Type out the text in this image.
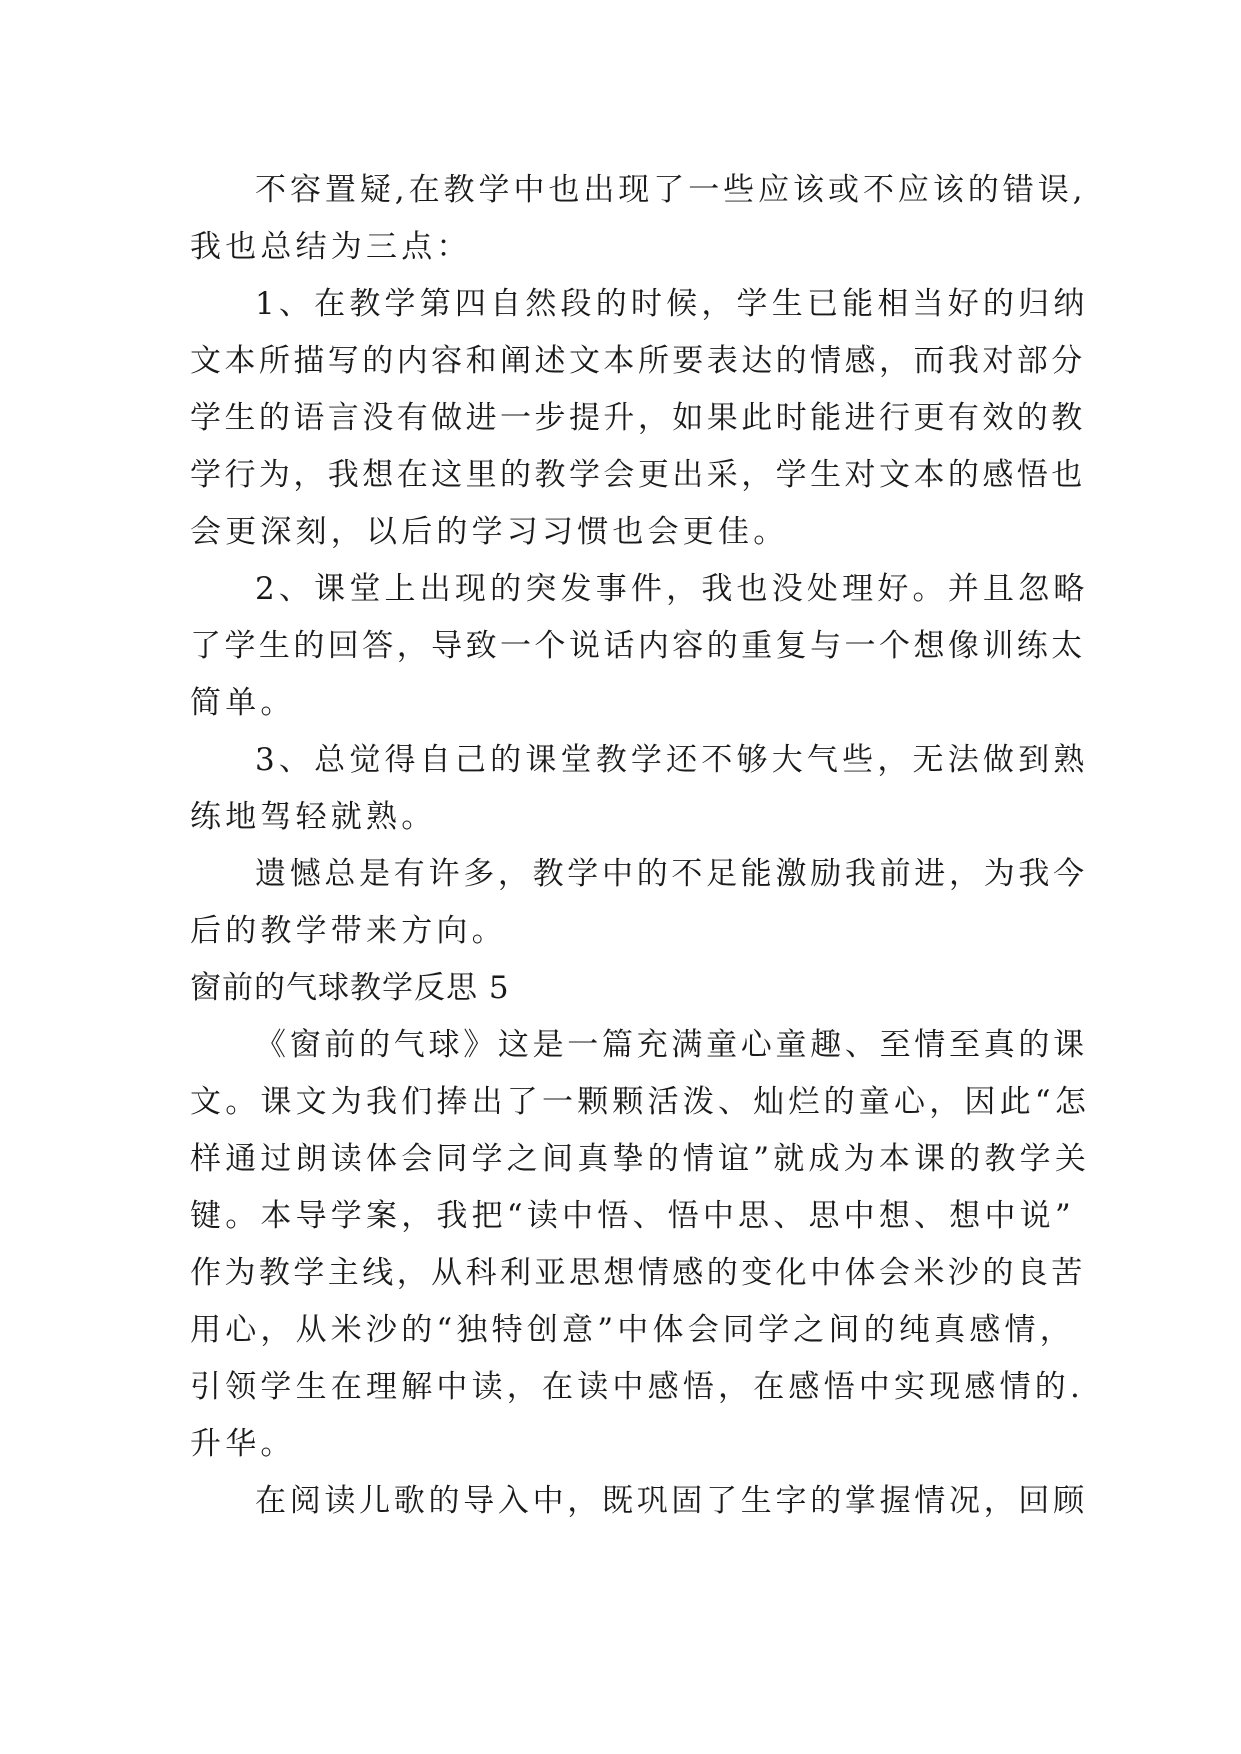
不容置疑,在教学中也出现了一些应该或不应该的错误,
我也总结为三点：
1、在教学第四自然段的时候，学生已能相当好的归纳
文本所描写的内容和阐述文本所要表达的情感，而我对部分
学生的语言没有做进一步提升，如果此时能进行更有效的教
学行为，我想在这里的教学会更出采，学生对文本的感悟也
会更深刻，以后的学习习惯也会更佳。
2、课堂上出现的突发事件，我也没处理好。并且忽略
了学生的回答，导致一个说话内容的重复与一个想像训练太
简单。
3、总觉得自己的课堂教学还不够大气些，无法做到熟
练地驾轻就熟。
遗憾总是有许多，教学中的不足能激励我前进，为我今
后的教学带来方向。
窗前的气球教学反思 5
《窗前的气球》这是一篇充满童心童趣、至情至真的课
文。课文为我们捧出了一颗颗活泼、灿烂的童心，因此“怎
样通过朗读体会同学之间真挚的情谊”就成为本课的教学关
键。本导学案，我把“读中悟、悟中思、思中想、想中说”
作为教学主线，从科利亚思想情感的变化中体会米沙的良苦
用心，从米沙的“独特创意”中体会同学之间的纯真感情，
引领学生在理解中读，在读中感悟，在感悟中实现感情的.
升华。
在阅读儿歌的导入中，既巩固了生字的掌握情况，回顾
